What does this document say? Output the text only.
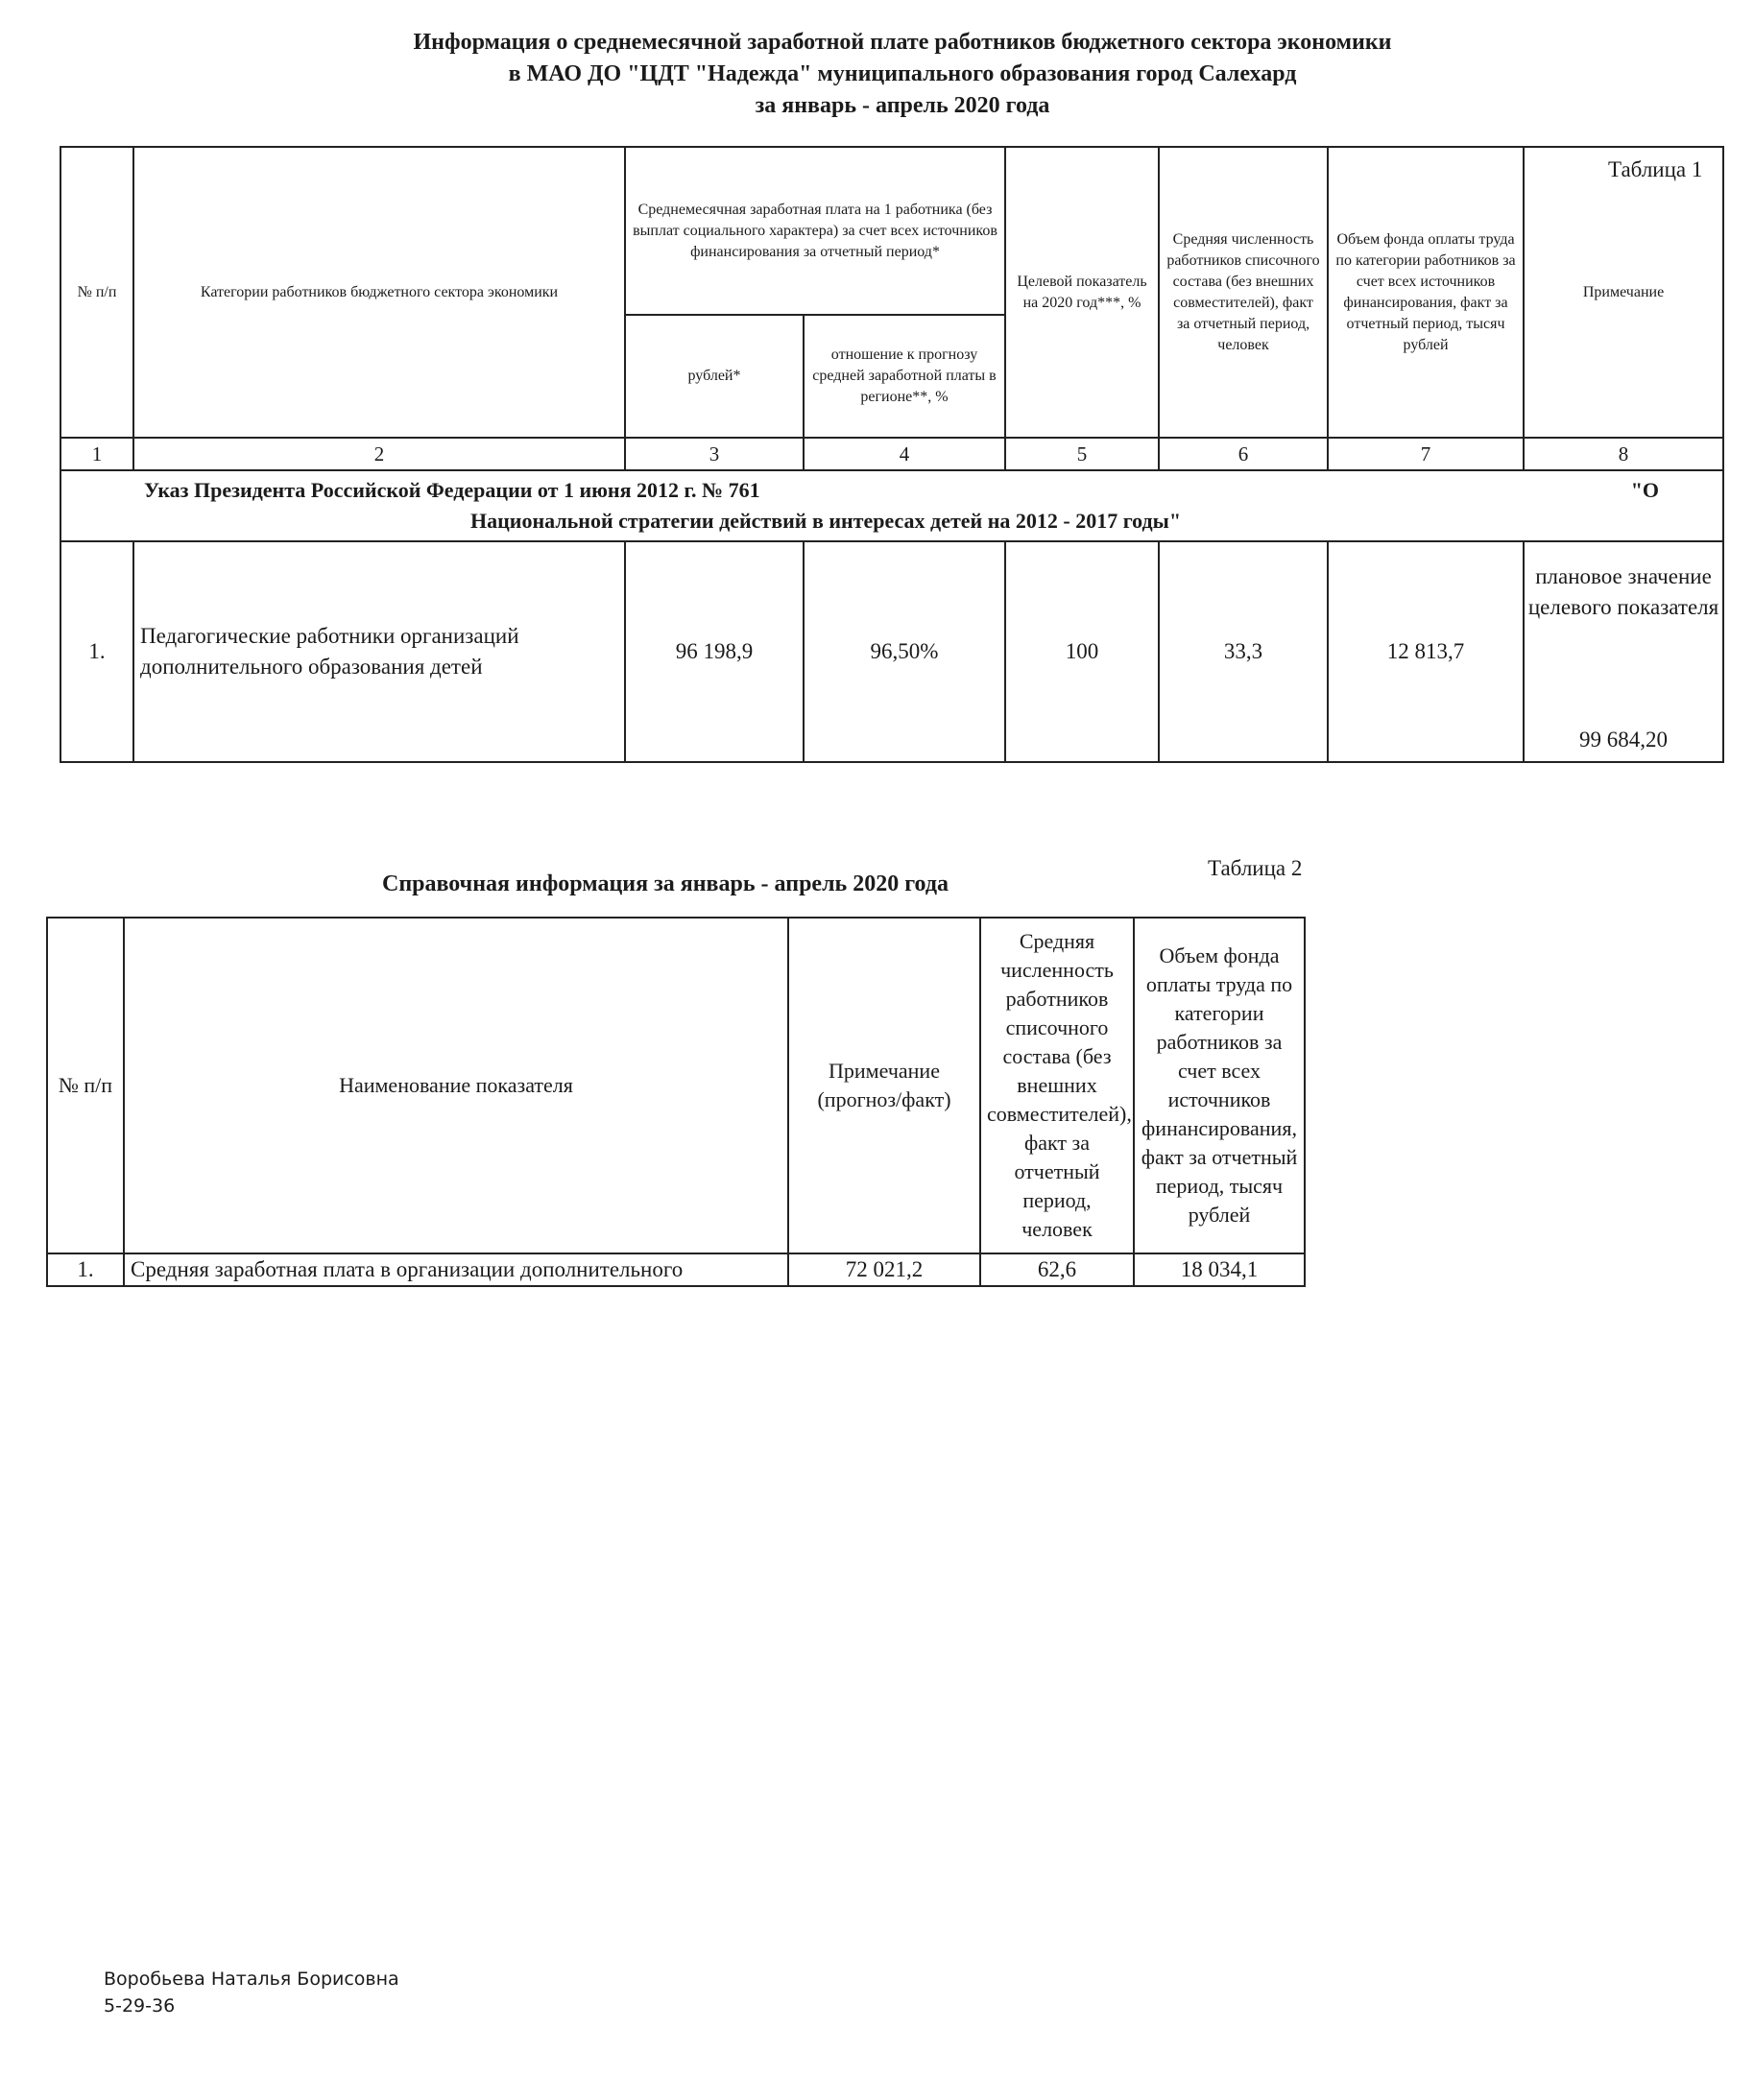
Информация о среднемесячной заработной плате работников бюджетного сектора экономики
в МАО ДО "ЦДТ "Надежда" муниципального образования город Салехард
за январь - апрель 2020 года
Таблица 1
№ п/п	Категории работников бюджетного сектора экономики	Среднемесячная заработная плата на 1 работника (без выплат социального характера) за счет всех источников финансирования за отчетный период*		Целевой показатель на 2020 год***, %	Средняя численность работников списочного состава (без внешних совместителей), факт за отчетный период, человек	Объем фонда оплаты труда по категории работников за счет всех источников финансирования, факт за отчетный период, тысяч рублей	Примечание
		рублей*	отношение к прогнозу средней заработной платы в регионе**, %				
1	2	3	4	5	6	7	8

"О
Указ Президента Российской Федерации от 1 июня 2012 г. № 761
Национальной стратегии действий в интересах детей на 2012 - 2017 годы"							

1.	Педагогические работники организаций дополнительного образования детей	96 198,9	96,50%	100	33,3	12 813,7	плановое значение целевого показателя
99 684,20
Таблица 2
Справочная информация за январь - апрель 2020 года
№ п/п	Наименование показателя	Примечание (прогноз/факт)	Средняя численность работников списочного состава (без внешних совместителей), факт за отчетный период, человек	Объем фонда оплаты труда по категории работников за счет всех источников финансирования, факт за отчетный период, тысяч рублей
1.	Средняя заработная плата в организации дополнительного	72 021,2	62,6	18 034,1
Воробьева Наталья Борисовна
5-29-36
